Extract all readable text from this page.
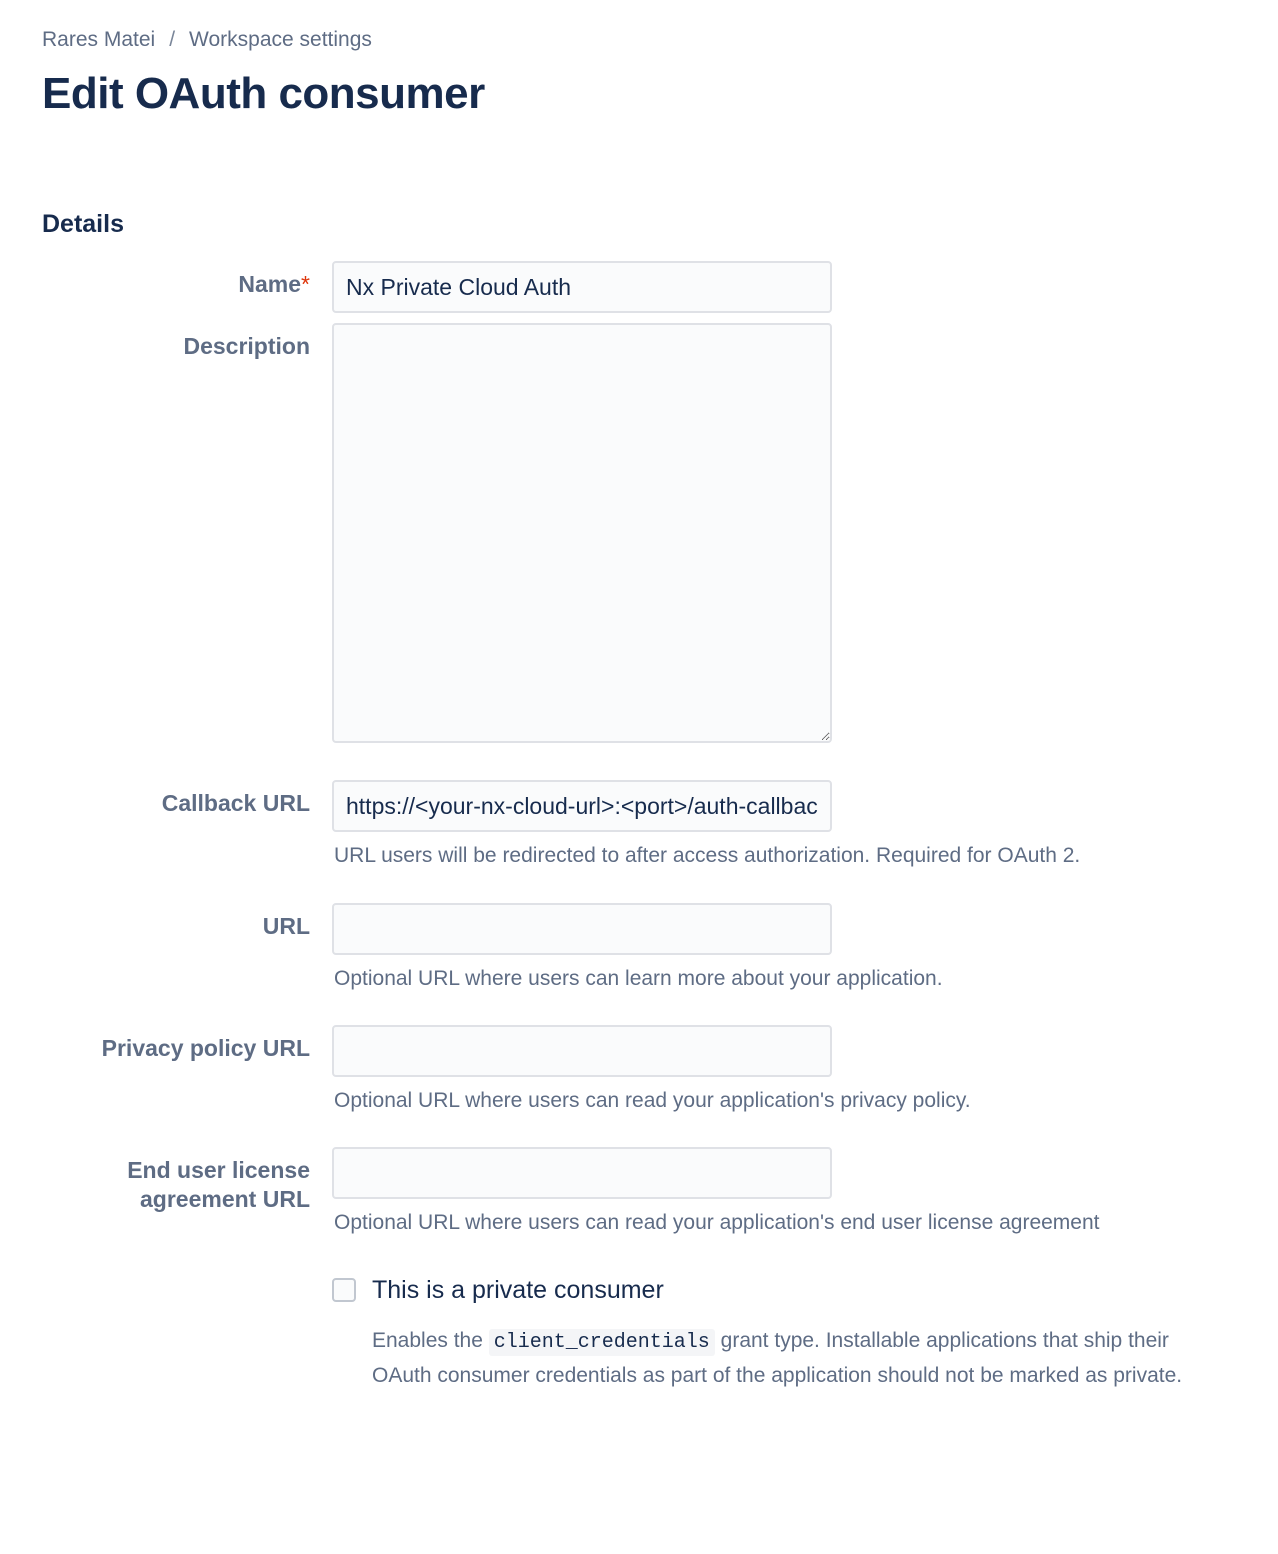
Rares Matei / Workspace settings
Edit OAuth consumer
Details
Name*
Nx Private Cloud Auth
Description
Callback URL
https://<your-nx-cloud-url>:<port>/auth-callback
URL users will be redirected to after access authorization. Required for OAuth 2.
URL
Optional URL where users can learn more about your application.
Privacy policy URL
Optional URL where users can read your application's privacy policy.
End user license agreement URL
Optional URL where users can read your application's end user license agreement
This is a private consumer
Enables the client_credentials grant type. Installable applications that ship their OAuth consumer credentials as part of the application should not be marked as private.
